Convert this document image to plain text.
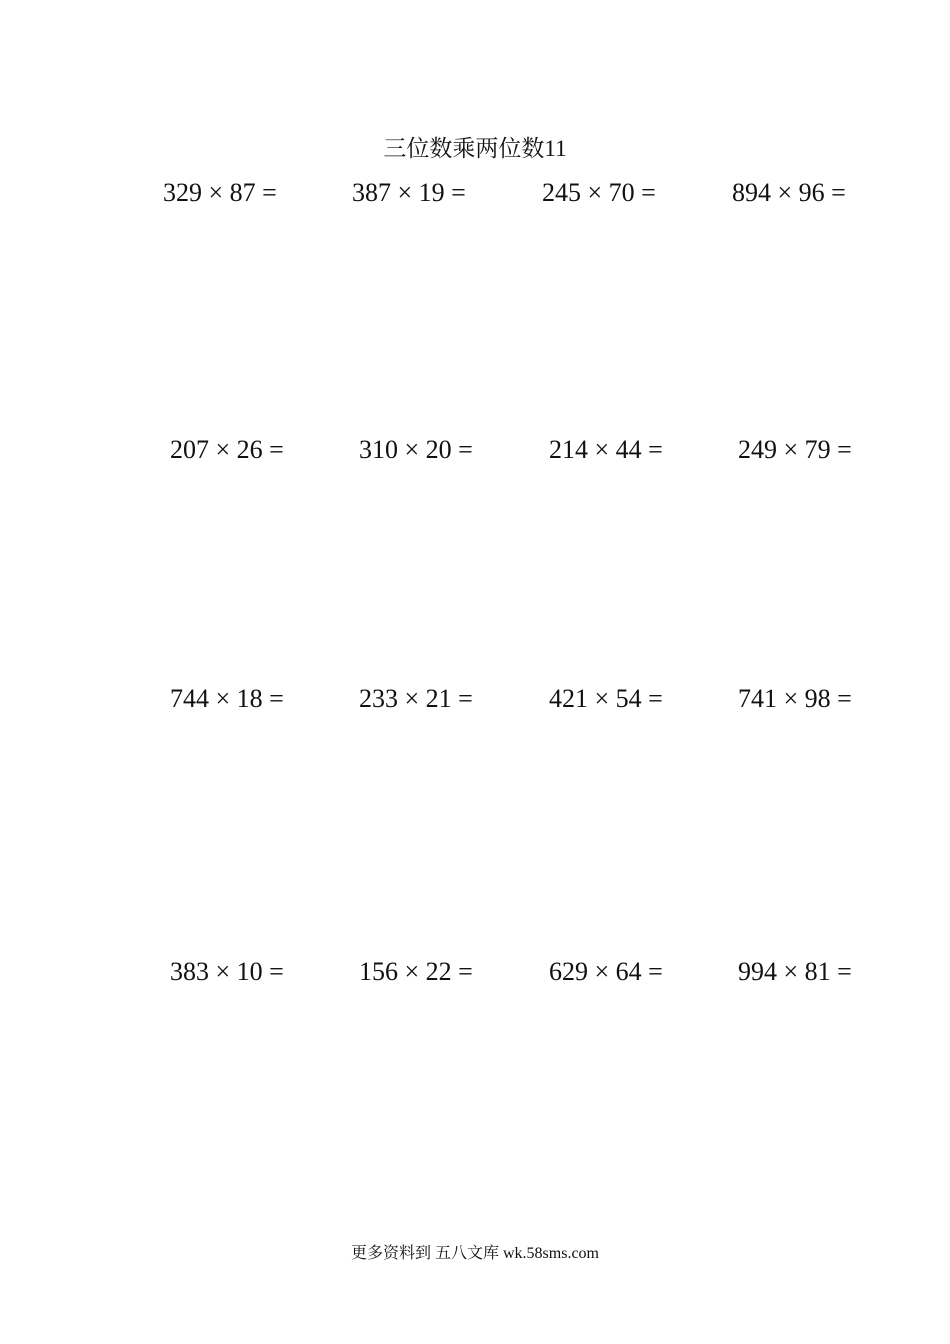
三位数乘两位数11
329 × 87 =	387 × 19 =	245 × 70 =	894 × 96 =
207 × 26 =	310 × 20 =	214 × 44 =	249 × 79 =
744 × 18 =	233 × 21 =	421 × 54 =	741 × 98 =
383 × 10 =	156 × 22 =	629 × 64 =	994 × 81 =
更多资料到 五八文库 wk.58sms.com
